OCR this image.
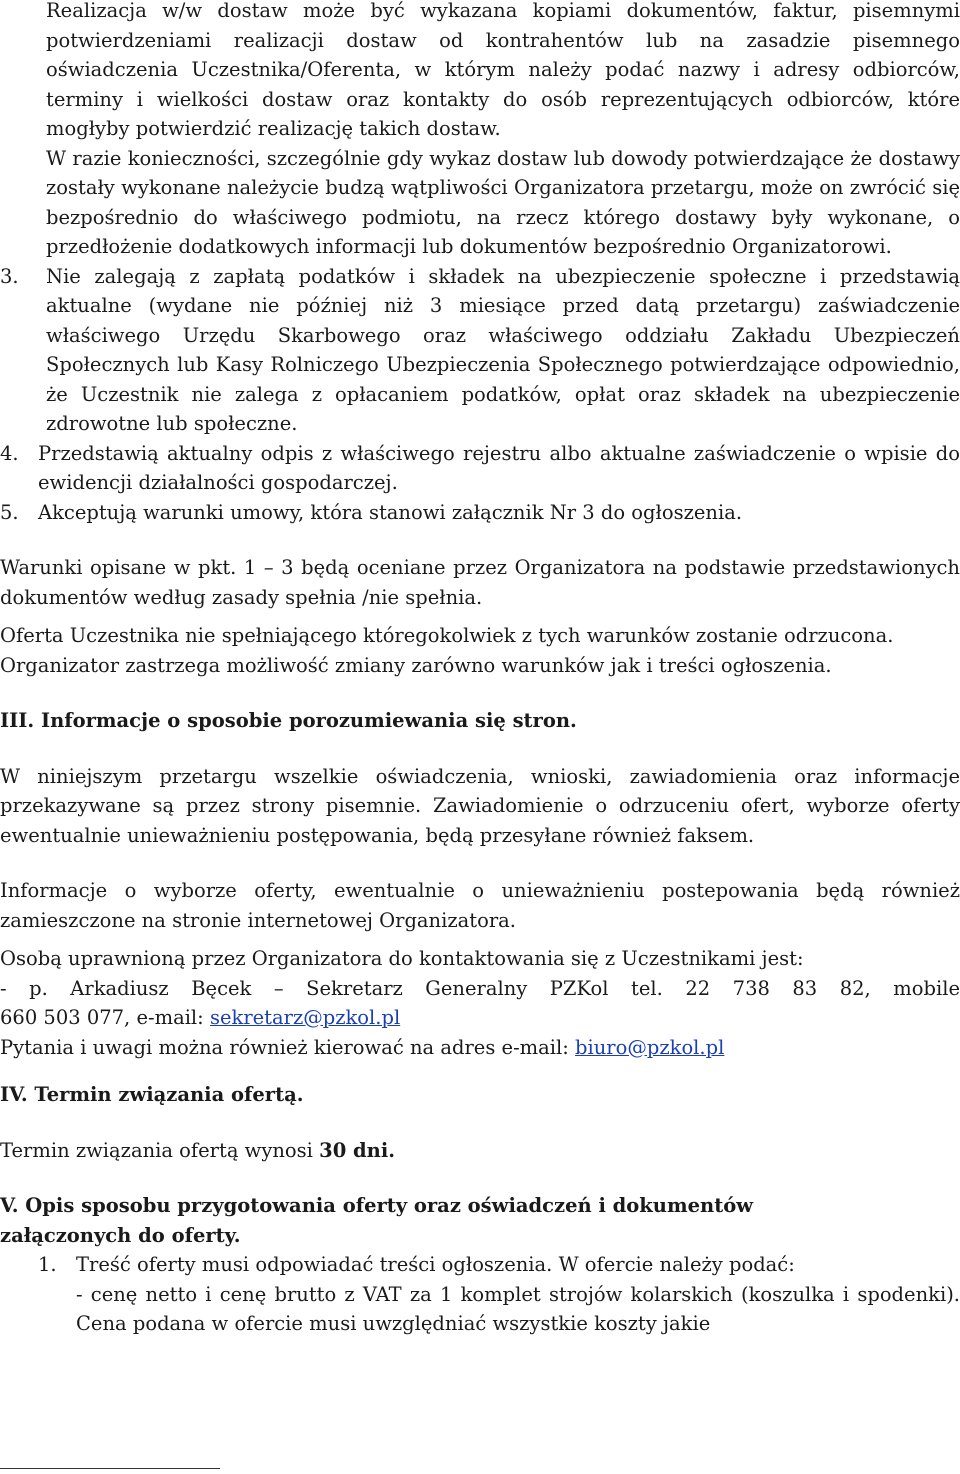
Realizacja w/w dostaw może być wykazana kopiami dokumentów, faktur, pisemnymi potwierdzeniami realizacji dostaw od kontrahentów lub na zasadzie pisemnego oświadczenia Uczestnika/Oferenta, w którym należy podać nazwy i adresy odbiorców, terminy i wielkości dostaw oraz kontakty do osób reprezentujących odbiorców, które mogłyby potwierdzić realizację takich dostaw.

W razie konieczności, szczególnie gdy wykaz dostaw lub dowody potwierdzające że dostawy zostały wykonane należycie budzą wątpliwości Organizatora przetargu, może on zwrócić się bezpośrednio do właściwego podmiotu, na rzecz którego dostawy były wykonane, o przedłożenie dodatkowych informacji lub dokumentów bezpośrednio Organizatorowi.

3. Nie zalegają z zapłatą podatków i składek na ubezpieczenie społeczne i przedstawią aktualne (wydane nie później niż 3 miesiące przed datą przetargu) zaświadczenie właściwego Urzędu Skarbowego oraz właściwego oddziału Zakładu Ubezpieczeń Społecznych lub Kasy Rolniczego Ubezpieczenia Społecznego potwierdzające odpowiednio, że Uczestnik nie zalega z opłacaniem podatków, opłat oraz składek na ubezpieczenie zdrowotne lub społeczne.
4. Przedstawią aktualny odpis z właściwego rejestru albo aktualne zaświadczenie o wpisie do ewidencji działalności gospodarczej.
5. Akceptują warunki umowy, która stanowi załącznik Nr 3 do ogłoszenia.

Warunki opisane w pkt. 1 – 3 będą oceniane przez Organizatora na podstawie przedstawionych dokumentów według zasady spełnia /nie spełnia.

Oferta Uczestnika nie spełniającego któregokolwiek z tych warunków zostanie odrzucona.

Organizator zastrzega możliwość zmiany zarówno warunków jak i treści ogłoszenia.

III. Informacje o sposobie porozumiewania się stron.

W niniejszym przetargu wszelkie oświadczenia, wnioski, zawiadomienia oraz informacje przekazywane są przez strony pisemnie. Zawiadomienie o odrzuceniu ofert, wyborze oferty ewentualnie unieważnieniu postępowania, będą przesyłane również faksem.

Informacje o wyborze oferty, ewentualnie o unieważnieniu postepowania będą również zamieszczone na stronie internetowej Organizatora.

Osobą uprawnioną przez Organizatora do kontaktowania się z Uczestnikami jest:

- p. Arkadiusz Bęcek – Sekretarz Generalny PZKol tel. 22 738 83 82, mobile

660 503 077, e-mail: sekretarz@pzkol.pl

Pytania i uwagi można również kierować na adres e-mail: biuro@pzkol.pl

IV. Termin związania ofertą.

Termin związania ofertą wynosi 30 dni.

V. Opis sposobu przygotowania oferty oraz oświadczeń i dokumentów
załączonych do oferty.

1. Treść oferty musi odpowiadać treści ogłoszenia. W ofercie należy podać:
- cenę netto i cenę brutto z VAT za 1 komplet strojów kolarskich (koszulka i spodenki). Cena podana w ofercie musi uwzględniać wszystkie koszty jakie
